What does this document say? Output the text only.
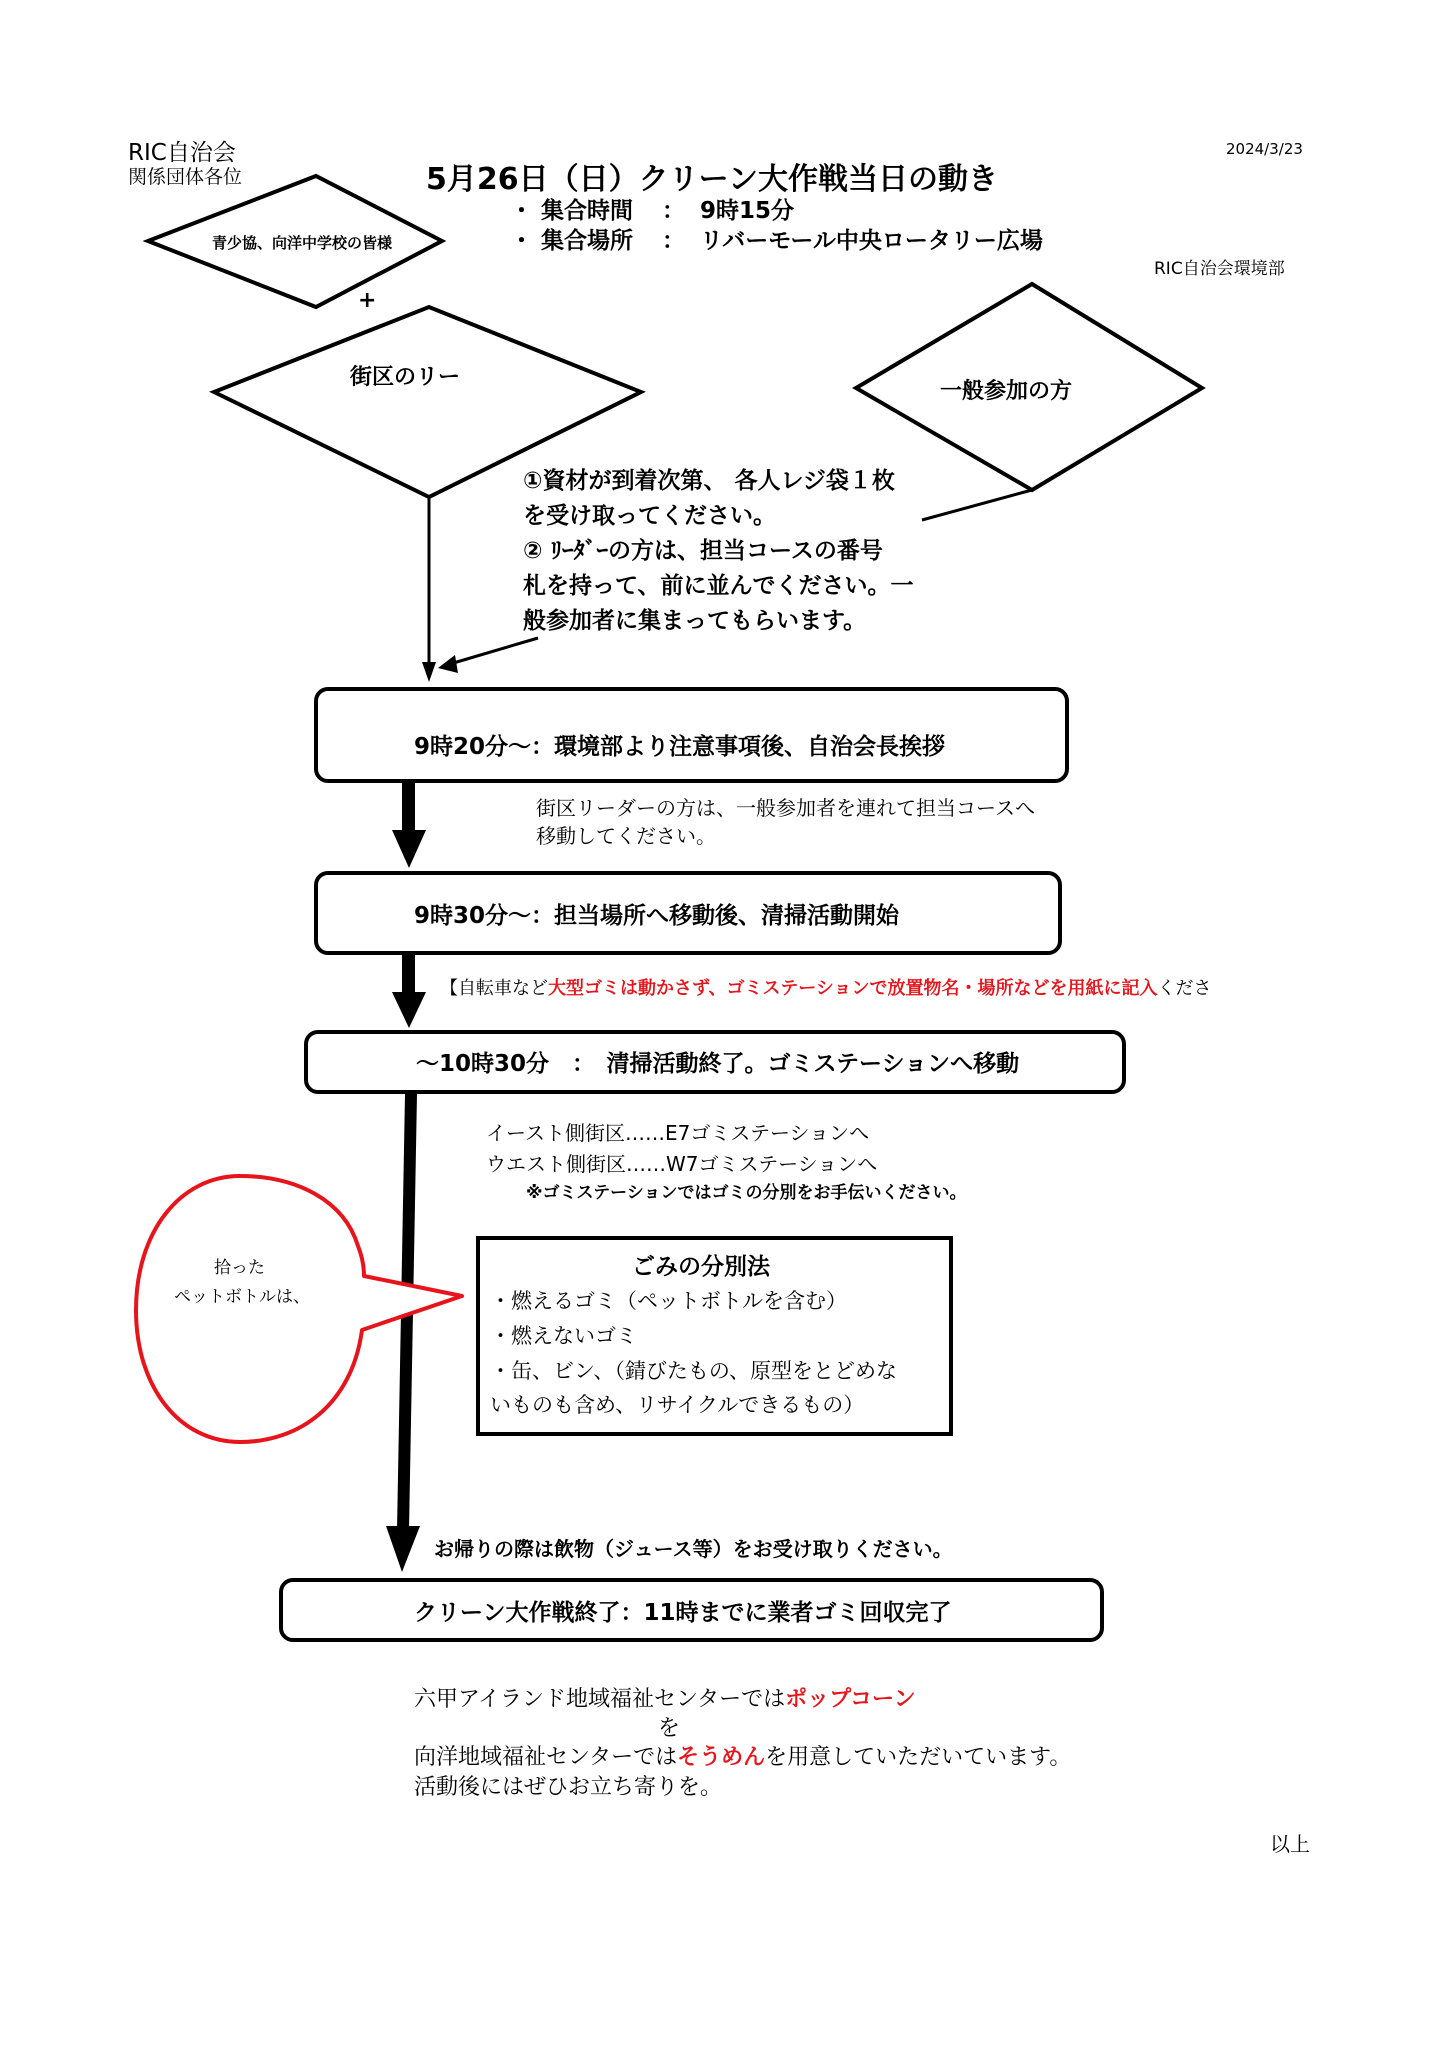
RIC自治会
関係団体各位
2024/3/23
5月26日（日）クリーン大作戦当日の動き
・ 集合時間 ： 9時15分
・ 集合場所 ： リバーモール中央ロータリー広場
RIC自治会環境部
青少協、向洋中学校の皆様
+
街区のリー
一般参加の方
①資材が到着次第、 各人レジ袋１枚
を受け取ってください。
② ﾘｰﾀﾞｰの方は、担当コースの番号
札を持って、前に並んでください。一
般参加者に集まってもらいます。
9時20分～：環境部より注意事項後、自治会長挨拶
街区リーダーの方は、一般参加者を連れて担当コースへ
移動してください。
9時30分～：担当場所へ移動後、清掃活動開始
【自転車など大型ゴミは動かさず、ゴミステーションで放置物名・場所などを用紙に記入くださ
～10時30分　：　清掃活動終了。ゴミステーションへ移動
イースト側街区……E7ゴミステーションへ
ウエスト側街区……W7ゴミステーションへ
※ゴミステーションではゴミの分別をお手伝いください。
拾った
ペットボトルは、
ごみの分別法
・燃えるゴミ（ペットボトルを含む）
・燃えないゴミ
・缶、ビン、（錆びたもの、原型をとどめな
いものも含め、リサイクルできるもの）
お帰りの際は飲物（ジュース等）をお受け取りください。
クリーン大作戦終了：11時までに業者ゴミ回収完了
六甲アイランド地域福祉センターではポップコーン
を
向洋地域福祉センターではそうめんを用意していただいています。
活動後にはぜひお立ち寄りを。
以上
